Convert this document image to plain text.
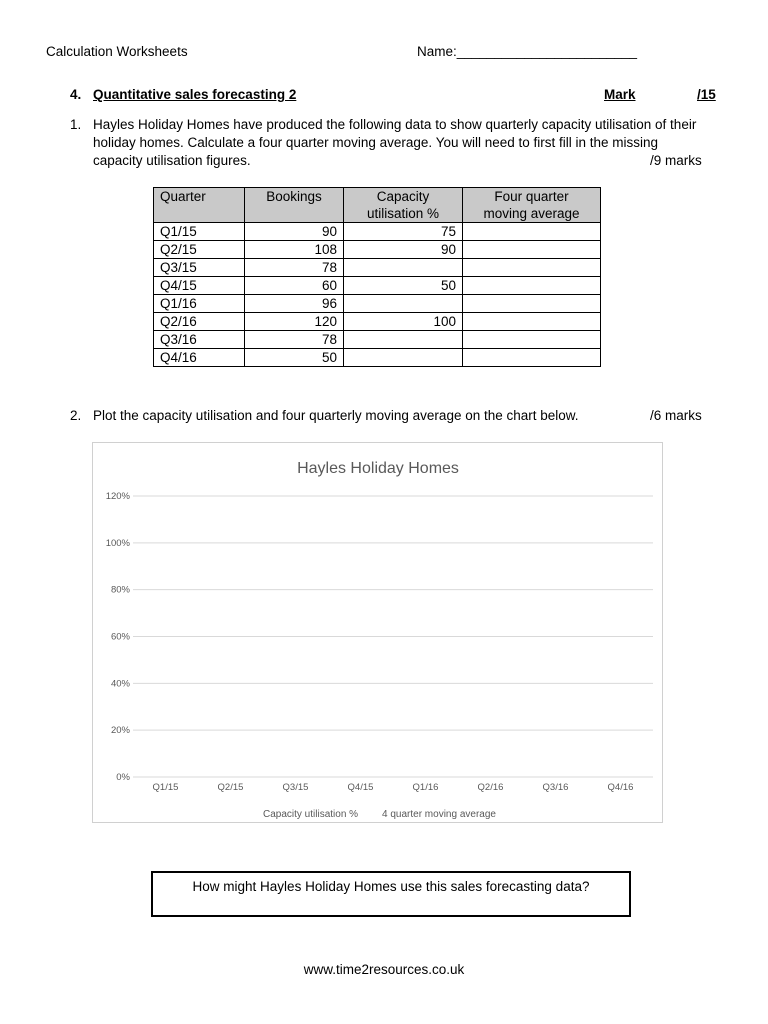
Calculation Worksheets	Name:________________________
4. Quantitative sales forecasting 2	Mark	/15
1. Hayles Holiday Homes have produced the following data to show quarterly capacity utilisation of their holiday homes. Calculate a four quarter moving average. You will need to first fill in the missing capacity utilisation figures.	/9 marks
Quarter	Bookings	Capacity utilisation %	Four quarter moving average
Q1/15	90	75	
Q2/15	108	90	
Q3/15	78		
Q4/15	60	50	
Q1/16	96		
Q2/16	120	100	
Q3/16	78		
Q4/16	50		
2. Plot the capacity utilisation and four quarterly moving average on the chart below.	/6 marks
Hayles Holiday Homes
0%
20%
40%
60%
80%
100%
120%
Q1/15	Q2/15	Q3/15	Q4/15	Q1/16	Q2/16	Q3/16	Q4/16
Capacity utilisation % 4 quarter moving average
How might Hayles Holiday Homes use this sales forecasting data?
www.time2resources.co.uk
